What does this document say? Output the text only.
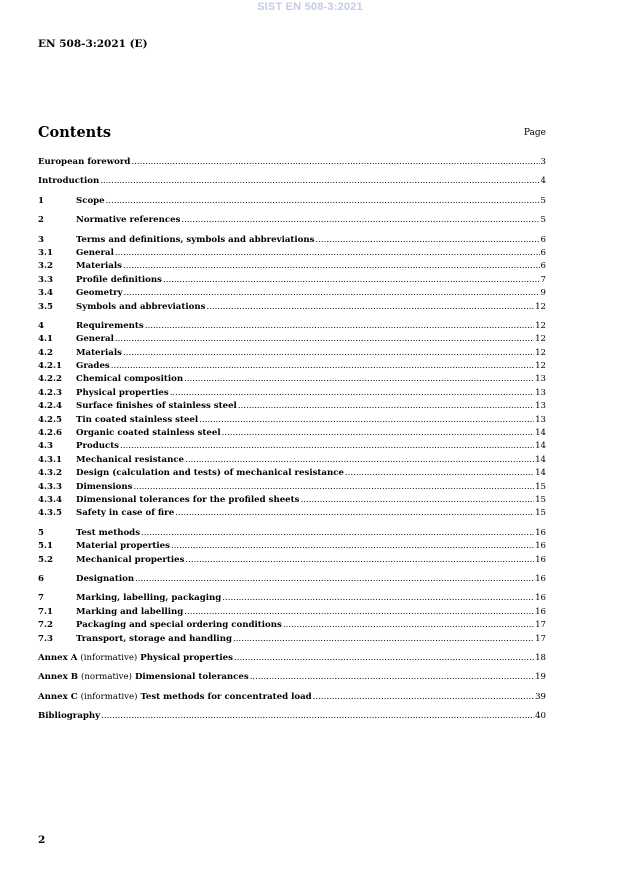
SIST EN 508-3:2021
EN 508-3:2021 (E)
Contents	Page
European foreword .....	3
Introduction .....	4
1	Scope .....	5
2	Normative references .....	5
3	Terms and definitions, symbols and abbreviations .....	6
3.1	General .....	6
3.2	Materials .....	6
3.3	Profile definitions .....	7
3.4	Geometry .....	9
3.5	Symbols and abbreviations .....	12
4	Requirements .....	12
4.1	General .....	12
4.2	Materials .....	12
4.2.1	Grades .....	12
4.2.2	Chemical composition .....	13
4.2.3	Physical properties .....	13
4.2.4	Surface finishes of stainless steel .....	13
4.2.5	Tin coated stainless steel .....	13
4.2.6	Organic coated stainless steel .....	14
4.3	Products .....	14
4.3.1	Mechanical resistance .....	14
4.3.2	Design (calculation and tests) of mechanical resistance .....	14
4.3.3	Dimensions .....	15
4.3.4	Dimensional tolerances for the profiled sheets .....	15
4.3.5	Safety in case of fire .....	15
5	Test methods .....	16
5.1	Material properties .....	16
5.2	Mechanical properties .....	16
6	Designation .....	16
7	Marking, labelling, packaging .....	16
7.1	Marking and labelling .....	16
7.2	Packaging and special ordering conditions .....	17
7.3	Transport, storage and handling .....	17
Annex A (informative) Physical properties .....	18
Annex B (normative) Dimensional tolerances .....	19
Annex C (informative) Test methods for concentrated load .....	39
Bibliography .....	40
2
